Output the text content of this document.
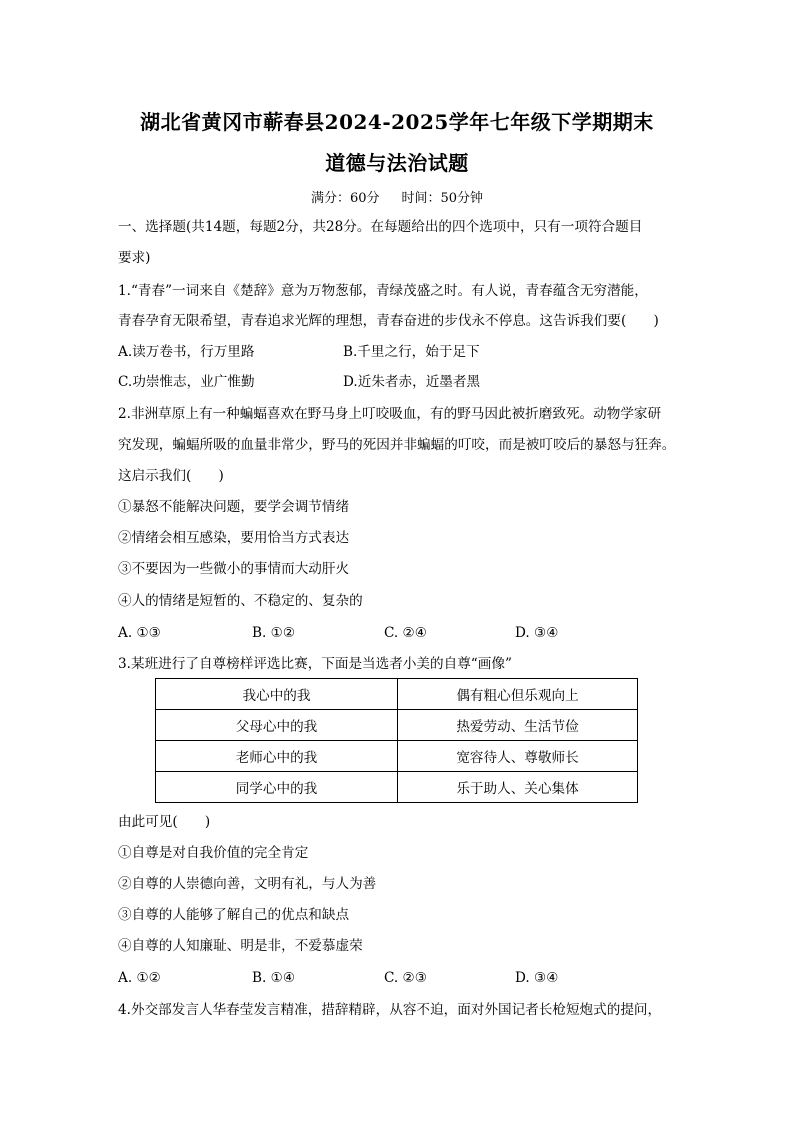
湖北省黄冈市蕲春县2024-2025学年七年级下学期期末
道德与法治试题
满分：60分 时间：50分钟
一、选择题(共14题，每题2分，共28分。在每题给出的四个选项中，只有一项符合题目
要求)
1.“青春”一词来自《楚辞》意为万物葱郁，青绿茂盛之时。有人说，青春蕴含无穷潜能，
青春孕育无限希望，青春追求光辉的理想，青春奋进的步伐永不停息。这告诉我们要(　　)
A.读万卷书，行万里路	B.千里之行，始于足下
C.功崇惟志，业广惟勤	D.近朱者赤，近墨者黑
2.非洲草原上有一种蝙蝠喜欢在野马身上叮咬吸血，有的野马因此被折磨致死。动物学家研
究发现，蝙蝠所吸的血量非常少，野马的死因并非蝙蝠的叮咬，而是被叮咬后的暴怒与狂奔。
这启示我们(　　)
①暴怒不能解决问题，要学会调节情绪
②情绪会相互感染，要用恰当方式表达
③不要因为一些微小的事情而大动肝火
④人的情绪是短暂的、不稳定的、复杂的
A. ①③	B. ①②	C. ②④	D. ③④
3.某班进行了自尊榜样评选比赛，下面是当选者小美的自尊“画像”
我心中的我	偶有粗心但乐观向上
父母心中的我	热爱劳动、生活节俭
老师心中的我	宽容待人、尊敬师长
同学心中的我	乐于助人、关心集体
由此可见(　　)
①自尊是对自我价值的完全肯定
②自尊的人崇德向善，文明有礼，与人为善
③自尊的人能够了解自己的优点和缺点
④自尊的人知廉耻、明是非，不爱慕虚荣
A. ①②	B. ①④	C. ②③	D. ③④
4.外交部发言人华春莹发言精准，措辞精辟，从容不迫，面对外国记者长枪短炮式的提问，
